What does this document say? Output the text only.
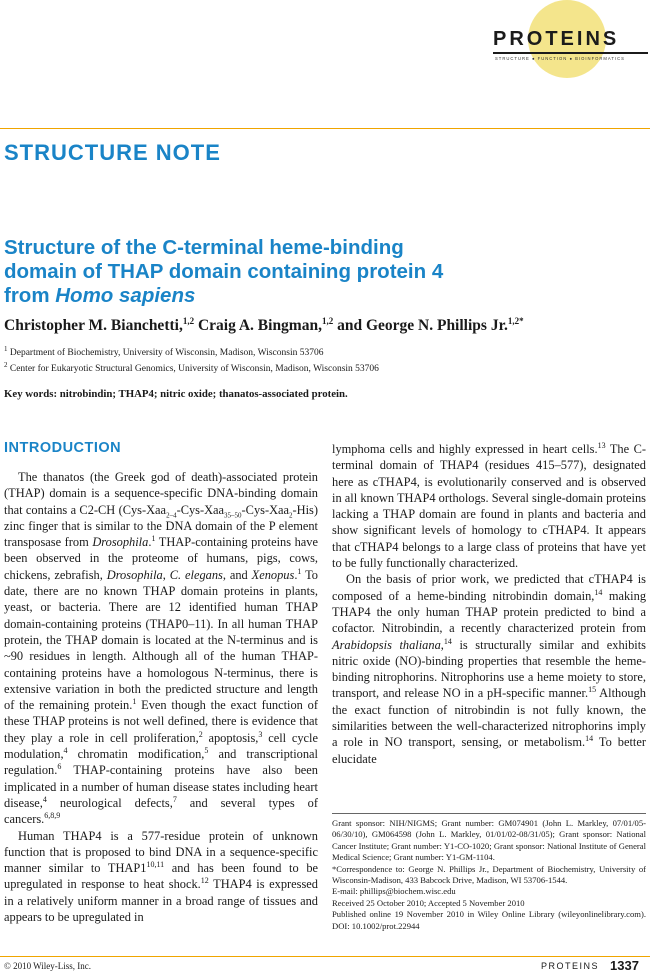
PROTEINS
STRUCTURE ● FUNCTION ● BIOINFORMATICS
STRUCTURE NOTE
Structure of the C-terminal heme-binding
domain of THAP domain containing protein 4
from Homo sapiens
Christopher M. Bianchetti,$^{1,2}$ Craig A. Bingman,$^{1,2}$ and George N. Phillips Jr.$^{1,2*}$
$^1$ Department of Biochemistry, University of Wisconsin, Madison, Wisconsin 53706
$^2$ Center for Eukaryotic Structural Genomics, University of Wisconsin, Madison, Wisconsin 53706
Key words: nitrobindin; THAP4; nitric oxide; thanatos-associated protein.
INTRODUCTION

The thanatos (the Greek god of death)-associated protein (THAP) domain is a sequence-specific DNA-binding domain that contains a C2-CH (Cys-Xaa$_{2-4}$-Cys-Xaa$_{35-50}$-Cys-Xaa$_2$-His) zinc finger that is similar to the DNA domain of the P element transposase from Drosophila.$^1$ THAP-containing proteins have been observed in the proteome of humans, pigs, cows, chickens, zebrafish, Drosophila, C. elegans, and Xenopus.$^1$ To date, there are no known THAP domain proteins in plants, yeast, or bacteria. There are 12 identified human THAP domain-containing proteins (THAP0–11). In all human THAP protein, the THAP domain is located at the N-terminus and is ~90 residues in length. Although all of the human THAP-containing proteins have a homologous N-terminus, there is extensive variation in both the predicted structure and length of the remaining protein.$^1$ Even though the exact function of these THAP proteins is not well defined, there is evidence that they play a role in cell proliferation,$^2$ apoptosis,$^3$ cell cycle modulation,$^4$ chromatin modification,$^5$ and transcriptional regulation.$^6$ THAP-containing proteins have also been implicated in a number of human disease states including heart disease,$^4$ neurological defects,$^7$ and several types of cancers.$^{6,8,9}$

Human THAP4 is a 577-residue protein of unknown function that is proposed to bind DNA in a sequence-specific manner similar to THAP1$^{10,11}$ and has been found to be upregulated in response to heat shock.$^{12}$ THAP4 is expressed in a relatively uniform manner in a broad range of tissues and appears to be upregulated in

lymphoma cells and highly expressed in heart cells.$^{13}$ The C-terminal domain of THAP4 (residues 415–577), designated here as cTHAP4, is evolutionarily conserved and is observed in all known THAP4 orthologs. Several single-domain proteins lacking a THAP domain are found in plants and bacteria and show significant levels of homology to cTHAP4. It appears that cTHAP4 belongs to a large class of proteins that have yet to be fully functionally characterized.

On the basis of prior work, we predicted that cTHAP4 is composed of a heme-binding nitrobindin domain,$^{14}$ making THAP4 the only human THAP protein predicted to bind a cofactor. Nitrobindin, a recently characterized protein from Arabidopsis thaliana,$^{14}$ is structurally similar and exhibits nitric oxide (NO)-binding properties that resemble the heme-binding nitrophorins. Nitrophorins use a heme moiety to store, transport, and release NO in a pH-specific manner.$^{15}$ Although the exact function of nitrobindin is not fully known, the similarities between the well-characterized nitrophorins imply a role in NO transport, sensing, or metabolism.$^{14}$ To better elucidate

Grant sponsor: NIH/NIGMS; Grant number: GM074901 (John L. Markley, 07/01/05-06/30/10), GM064598 (John L. Markley, 01/01/02-08/31/05); Grant sponsor: National Cancer Institute; Grant number: Y1-CO-1020; Grant sponsor: National Institute of General Medical Science; Grant number: Y1-GM-1104.
*Correspondence to: George N. Phillips Jr., Department of Biochemistry, University of Wisconsin-Madison, 433 Babcock Drive, Madison, WI 53706-1544.
E-mail: phillips@biochem.wisc.edu
Received 25 October 2010; Accepted 5 November 2010
Published online 19 November 2010 in Wiley Online Library (wileyonlinelibrary.com). DOI: 10.1002/prot.22944
© 2010 Wiley-Liss, Inc.	PROTEINS 1337
